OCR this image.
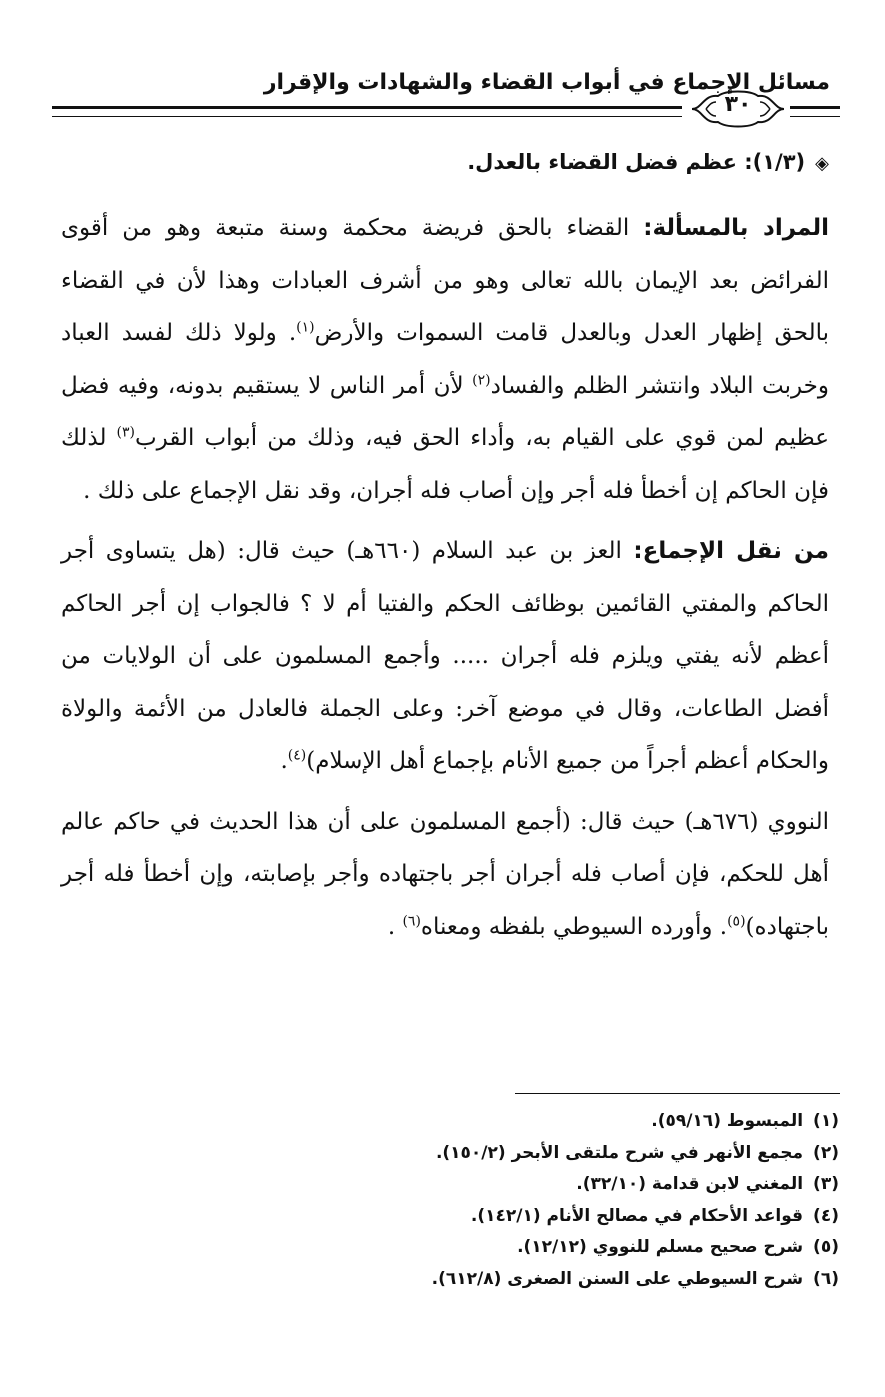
مسائل الإجماع في أبواب القضاء والشهادات والإقرار
٣٠
◈(١/٣): عظم فضل القضاء بالعدل.

المراد بالمسألة: القضاء بالحق فريضة محكمة وسنة متبعة وهو من أقوى الفرائض بعد الإيمان بالله تعالى وهو من أشرف العبادات وهذا لأن في القضاء بالحق إظهار العدل وبالعدل قامت السموات والأرض$^{(١)}$. ولولا ذلك لفسد العباد وخربت البلاد وانتشر الظلم والفساد$^{(٢)}$ لأن أمر الناس لا يستقيم بدونه، وفيه فضل عظيم لمن قوي على القيام به، وأداء الحق فيه، وذلك من أبواب القرب$^{(٣)}$ لذلك فإن الحاكم إن أخطأ فله أجر وإن أصاب فله أجران، وقد نقل الإجماع على ذلك .

من نقل الإجماع: العز بن عبد السلام (٦٦٠هـ) حيث قال: (هل يتساوى أجر الحاكم والمفتي القائمين بوظائف الحكم والفتيا أم لا ؟ فالجواب إن أجر الحاكم أعظم لأنه يفتي ويلزم فله أجران ..... وأجمع المسلمون على أن الولايات من أفضل الطاعات، وقال في موضع آخر: وعلى الجملة فالعادل من الأئمة والولاة والحكام أعظم أجراً من جميع الأنام بإجماع أهل الإسلام)$^{(٤)}$.

النووي (٦٧٦هـ) حيث قال: (أجمع المسلمون على أن هذا الحديث في حاكم عالم أهل للحكم، فإن أصاب فله أجران أجر باجتهاده وأجر بإصابته، وإن أخطأ فله أجر باجتهاده)$^{(٥)}$. وأورده السيوطي بلفظه ومعناه$^{(٦)}$ .

(١)المبسوط (٥٩/١٦).
(٢)مجمع الأنهر في شرح ملتقى الأبحر (١٥٠/٢).
(٣)المغني لابن قدامة (٣٢/١٠).
(٤)قواعد الأحكام في مصالح الأنام (١٤٢/١).
(٥)شرح صحيح مسلم للنووي (١٢/١٢).
(٦)شرح السيوطي على السنن الصغرى (٦١٢/٨).
